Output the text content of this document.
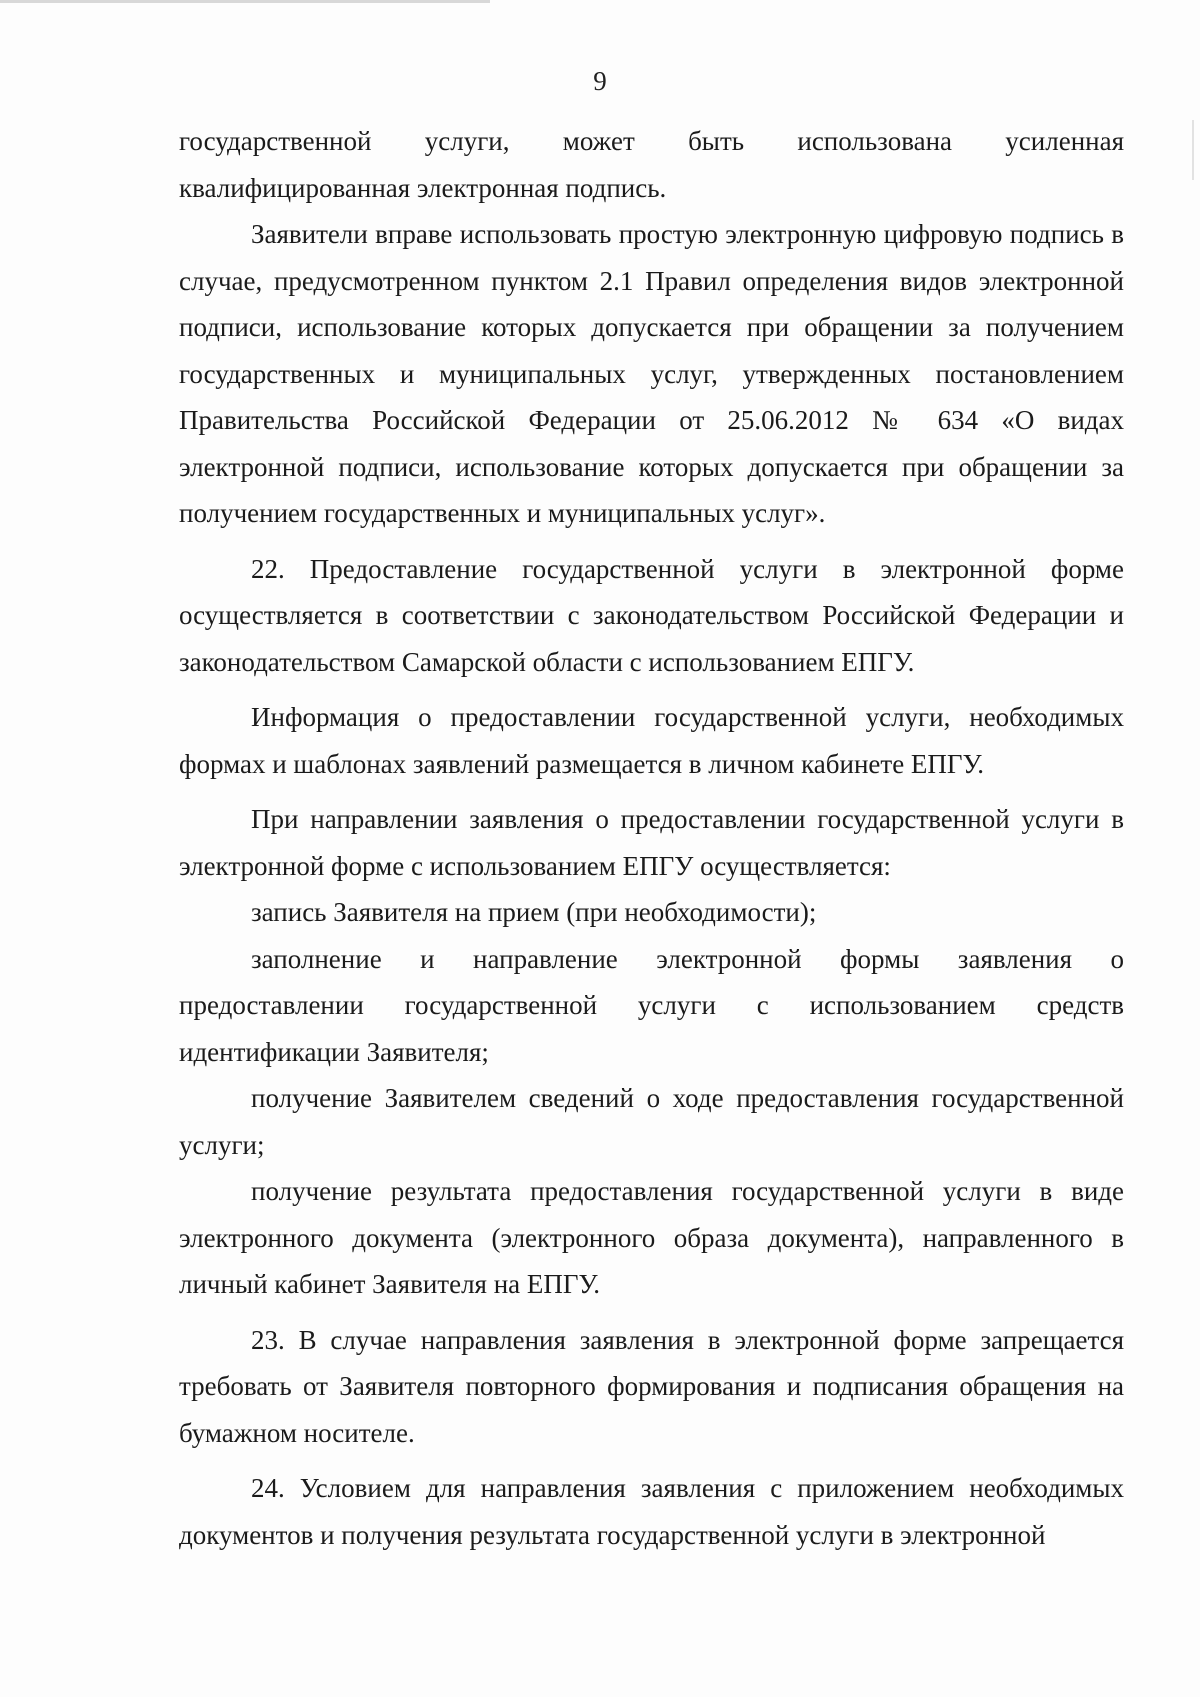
9

государственной услуги, может быть использована усиленная квалифицированная электронная подпись.

Заявители вправе использовать простую электронную цифровую подпись в случае, предусмотренном пунктом 2.1 Правил определения видов электронной подписи, использование которых допускается при обращении за получением государственных и муниципальных услуг, утвержденных постановлением Правительства Российской Федерации от 25.06.2012 № 634 «О видах электронной подписи, использование которых допускается при обращении за получением государственных и муниципальных услуг».

22. Предоставление государственной услуги в электронной форме осуществляется в соответствии с законодательством Российской Федерации и законодательством Самарской области с использованием ЕПГУ.

Информация о предоставлении государственной услуги, необходимых формах и шаблонах заявлений размещается в личном кабинете ЕПГУ.

При направлении заявления о предоставлении государственной услуги в электронной форме с использованием ЕПГУ осуществляется:

запись Заявителя на прием (при необходимости);

заполнение и направление электронной формы заявления о предоставлении государственной услуги с использованием средств идентификации Заявителя;

получение Заявителем сведений о ходе предоставления государственной услуги;

получение результата предоставления государственной услуги в виде электронного документа (электронного образа документа), направленного в личный кабинет Заявителя на ЕПГУ.

23. В случае направления заявления в электронной форме запрещается требовать от Заявителя повторного формирования и подписания обращения на бумажном носителе.

24. Условием для направления заявления с приложением необходимых документов и получения результата государственной услуги в электронной
